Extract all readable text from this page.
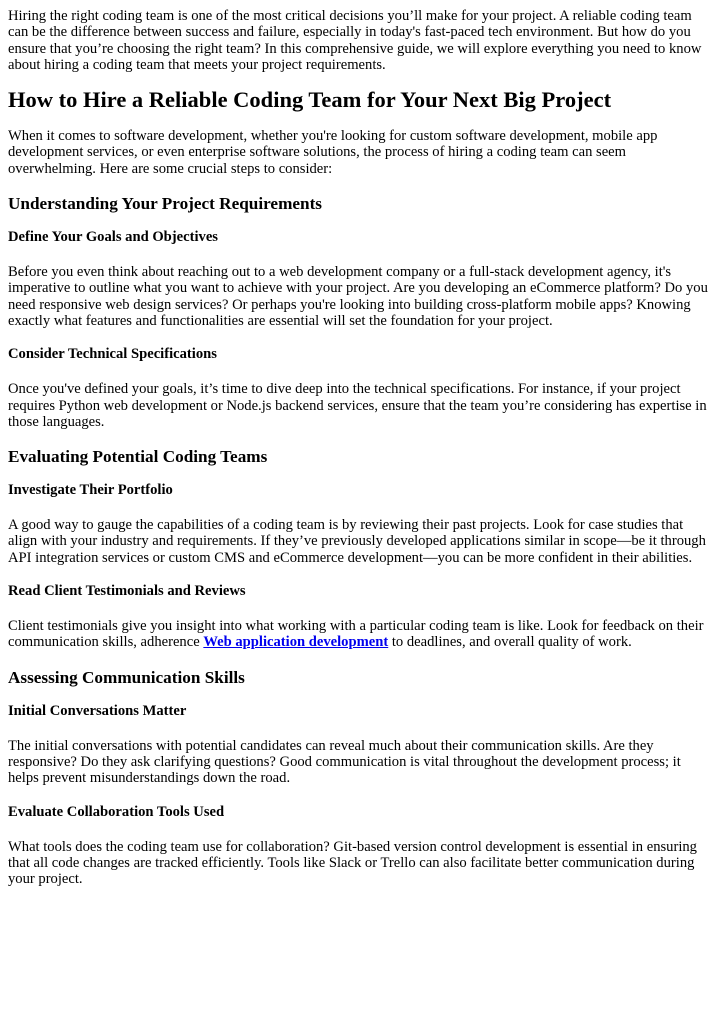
Hiring the right coding team is one of the most critical decisions you’ll make for your project. A reliable coding team can be the difference between success and failure, especially in today's fast-paced tech environment. But how do you ensure that you’re choosing the right team? In this comprehensive guide, we will explore everything you need to know about hiring a coding team that meets your project requirements.

How to Hire a Reliable Coding Team for Your Next Big Project

When it comes to software development, whether you're looking for custom software development, mobile app development services, or even enterprise software solutions, the process of hiring a coding team can seem overwhelming. Here are some crucial steps to consider:

Understanding Your Project Requirements
Define Your Goals and Objectives

Before you even think about reaching out to a web development company or a full-stack development agency, it's imperative to outline what you want to achieve with your project. Are you developing an eCommerce platform? Do you need responsive web design services? Or perhaps you're looking into building cross-platform mobile apps? Knowing exactly what features and functionalities are essential will set the foundation for your project.

Consider Technical Specifications

Once you've defined your goals, it’s time to dive deep into the technical specifications. For instance, if your project requires Python web development or Node.js backend services, ensure that the team you’re considering has expertise in those languages.

Evaluating Potential Coding Teams
Investigate Their Portfolio

A good way to gauge the capabilities of a coding team is by reviewing their past projects. Look for case studies that align with your industry and requirements. If they’ve previously developed applications similar in scope—be it through API integration services or custom CMS and eCommerce development—you can be more confident in their abilities.

Read Client Testimonials and Reviews

Client testimonials give you insight into what working with a particular coding team is like. Look for feedback on their communication skills, adherence Web application development to deadlines, and overall quality of work.

Assessing Communication Skills
Initial Conversations Matter

The initial conversations with potential candidates can reveal much about their communication skills. Are they responsive? Do they ask clarifying questions? Good communication is vital throughout the development process; it helps prevent misunderstandings down the road.

Evaluate Collaboration Tools Used

What tools does the coding team use for collaboration? Git-based version control development is essential in ensuring that all code changes are tracked efficiently. Tools like Slack or Trello can also facilitate better communication during your project.
